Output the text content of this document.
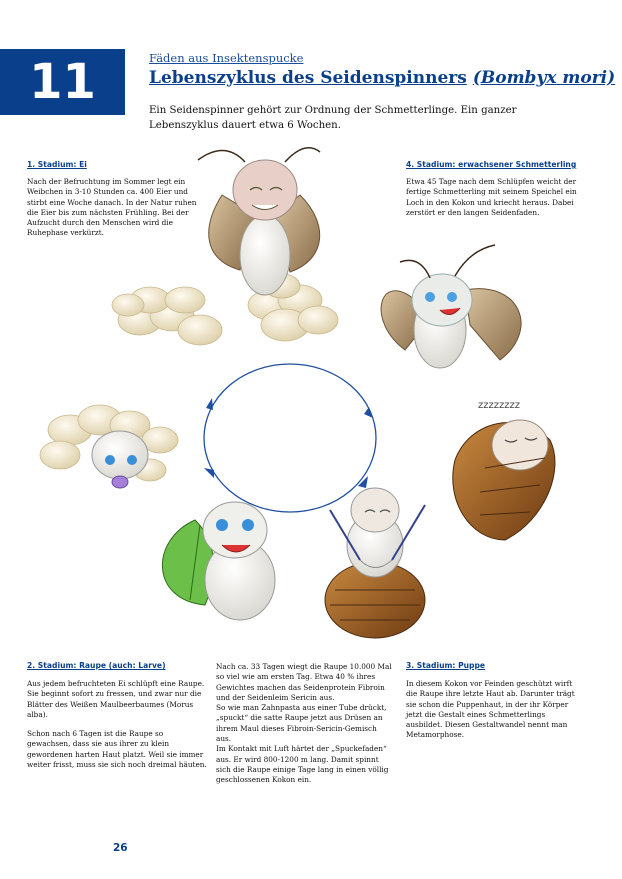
11	Fäden aus Insektenspucke
Lebenszyklus des Seidenspinners (Bombyx mori)
Ein Seidenspinner gehört zur Ordnung der Schmetterlinge. Ein ganzer Lebenszyklus dauert etwa 6 Wochen.
zzzzzzzz
1. Stadium: Ei
Nach der Befruchtung im Sommer legt ein Weibchen in 3-10 Stunden ca. 400 Eier und stirbt eine Woche danach. In der Natur ruhen die Eier bis zum nächsten Frühling. Bei der Aufzucht durch den Menschen wird die Ruhephase verkürzt.
4. Stadium: erwachsener Schmetterling
Etwa 45 Tage nach dem Schlüpfen weicht der fertige Schmetterling mit seinem Speichel ein Loch in den Kokon und kriecht heraus. Dabei zerstört er den langen Seidenfaden.
2. Stadium: Raupe (auch: Larve)

Aus jedem befruchteten Ei schlüpft eine Raupe. Sie beginnt sofort zu fressen, und zwar nur die Blätter des Weißen Maulbeerbaumes (Morus alba).

Schon nach 6 Tagen ist die Raupe so gewachsen, dass sie aus ihrer zu klein gewordenen harten Haut platzt. Weil sie immer weiter frisst, muss sie sich noch dreimal häuten.

Nach ca. 33 Tagen wiegt die Raupe 10.000 Mal so viel wie am ersten Tag. Etwa 40 % ihres Gewichtes machen das Seidenprotein Fibroin und der Seidenleim Sericin aus.

So wie man Zahnpasta aus einer Tube drückt, „spuckt“ die satte Raupe jetzt aus Drüsen an ihrem Maul dieses Fibroin-Sericin-Gemisch aus.

Im Kontakt mit Luft härtet der „Spuckefaden“ aus. Er wird 800-1200 m lang. Damit spinnt sich die Raupe einige Tage lang in einen völlig geschlossenen Kokon ein.

3. Stadium: Puppe
In diesem Kokon vor Feinden geschützt wirft die Raupe ihre letzte Haut ab. Darunter trägt sie schon die Puppenhaut, in der ihr Körper jetzt die Gestalt eines Schmetterlings ausbildet. Diesen Gestaltwandel nennt man Metamorphose.
26
